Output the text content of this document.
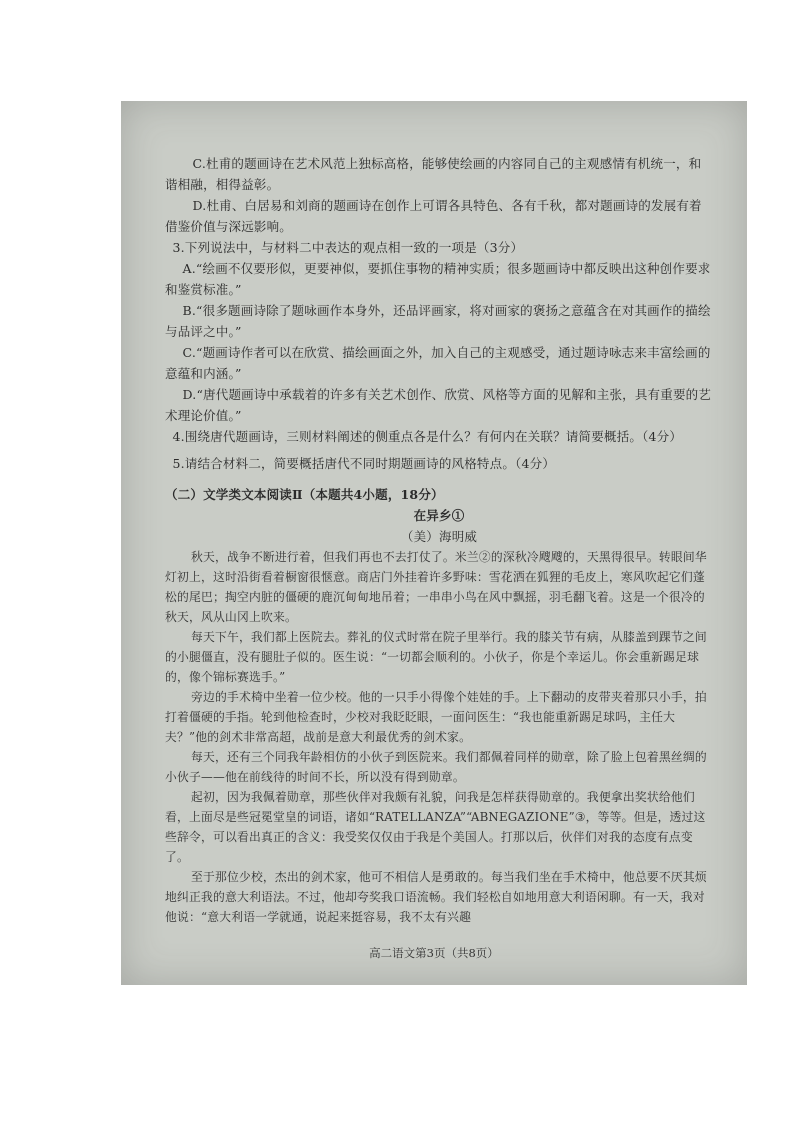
C.杜甫的题画诗在艺术风范上独标高格，能够使绘画的内容同自己的主观感情有机统一，和谐相融，相得益彰。

D.杜甫、白居易和刘商的题画诗在创作上可谓各具特色、各有千秋，都对题画诗的发展有着借鉴价值与深远影响。

3.下列说法中，与材料二中表达的观点相一致的一项是（3分）

A.“绘画不仅要形似，更要神似，要抓住事物的精神实质；很多题画诗中都反映出这种创作要求和鉴赏标准。”

B.“很多题画诗除了题咏画作本身外，还品评画家，将对画家的褒扬之意蕴含在对其画作的描绘与品评之中。”

C.“题画诗作者可以在欣赏、描绘画面之外，加入自己的主观感受，通过题诗咏志来丰富绘画的意蕴和内涵。”

D.“唐代题画诗中承载着的许多有关艺术创作、欣赏、风格等方面的见解和主张，具有重要的艺术理论价值。”

4.围绕唐代题画诗，三则材料阐述的侧重点各是什么？有何内在关联？请简要概括。（4分）

5.请结合材料二，简要概括唐代不同时期题画诗的风格特点。（4分）

（二）文学类文本阅读Ⅱ（本题共4小题，18分）

在异乡①

（美）海明威

秋天，战争不断进行着，但我们再也不去打仗了。米兰②的深秋冷飕飕的，天黑得很早。转眼间华灯初上，这时沿街看着橱窗很惬意。商店门外挂着许多野味：雪花洒在狐狸的毛皮上，寒风吹起它们蓬松的尾巴；掏空内脏的僵硬的鹿沉甸甸地吊着；一串串小鸟在风中飘摇，羽毛翻飞着。这是一个很冷的秋天，风从山冈上吹来。

每天下午，我们都上医院去。葬礼的仪式时常在院子里举行。我的膝关节有病，从膝盖到踝节之间的小腿僵直，没有腿肚子似的。医生说：“一切都会顺利的。小伙子，你是个幸运儿。你会重新踢足球的，像个锦标赛选手。”

旁边的手术椅中坐着一位少校。他的一只手小得像个娃娃的手。上下翻动的皮带夹着那只小手，拍打着僵硬的手指。轮到他检查时，少校对我眨眨眼，一面问医生：“我也能重新踢足球吗，主任大夫？”他的剑术非常高超，战前是意大利最优秀的剑术家。

每天，还有三个同我年龄相仿的小伙子到医院来。我们都佩着同样的勋章，除了脸上包着黑丝绸的小伙子——他在前线待的时间不长，所以没有得到勋章。

起初，因为我佩着勋章，那些伙伴对我颇有礼貌，问我是怎样获得勋章的。我便拿出奖状给他们看，上面尽是些冠冕堂皇的词语，诸如“RATELLANZA”“ABNEGAZIONE”③，等等。但是，透过这些辞令，可以看出真正的含义：我受奖仅仅由于我是个美国人。打那以后，伙伴们对我的态度有点变了。

至于那位少校，杰出的剑术家，他可不相信人是勇敢的。每当我们坐在手术椅中，他总要不厌其烦地纠正我的意大利语法。不过，他却夸奖我口语流畅。我们轻松自如地用意大利语闲聊。有一天，我对他说：“意大利语一学就通，说起来挺容易，我不太有兴趣

高二语文第3页（共8页）
